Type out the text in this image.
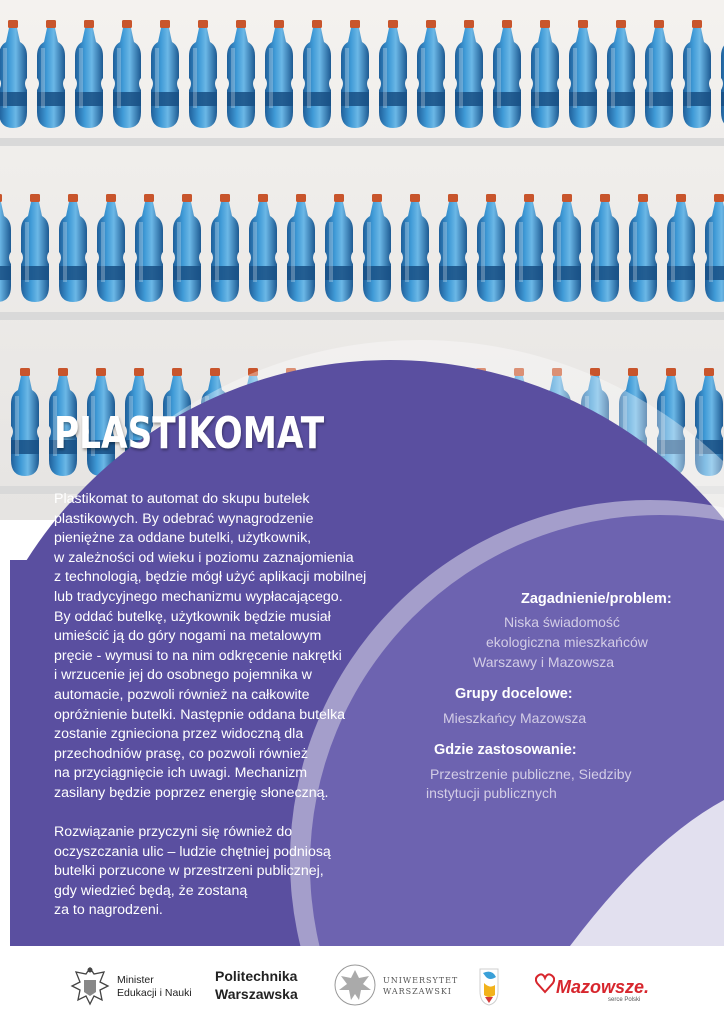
PLASTIKOMAT

Plastikomat to automat do skupu butelek
plastikowych. By odebrać wynagrodzenie
pieniężne za oddane butelki, użytkownik,
w zależności od wieku i poziomu zaznajomienia
z technologią, będzie mógł użyć aplikacji mobilnej
lub tradycyjnego mechanizmu wypłacającego.
By oddać butelkę, użytkownik będzie musiał
umieścić ją do góry nogami na metalowym
pręcie - wymusi to na nim odkręcenie nakrętki
i wrzucenie jej do osobnego pojemnika w
automacie, pozwoli również na całkowite
opróżnienie butelki. Następnie oddana butelka
zostanie zgnieciona przez widoczną dla
przechodniów prasę, co pozwoli również
na przyciągnięcie ich uwagi. Mechanizm
zasilany będzie poprzez energię słoneczną.

Rozwiązanie przyczyni się również do
oczyszczania ulic – ludzie chętniej podniosą
butelki porzucone w przestrzeni publicznej,
gdy wiedzieć będą, że zostaną
za to nagrodzeni.

Zagadnienie/problem:

Niska świadomość

ekologiczna mieszkańców

Warszawy i Mazowsza

Grupy docelowe:

Mieszkańcy Mazowsza

Gdzie zastosowanie:

Przestrzenie publiczne, Siedziby

instytucji publicznych

Minister
Edukacji i Nauki
Politechnika
Warszawska
UNIWERSYTET
WARSZAWSKI	Mazowsze.
serce Polski
